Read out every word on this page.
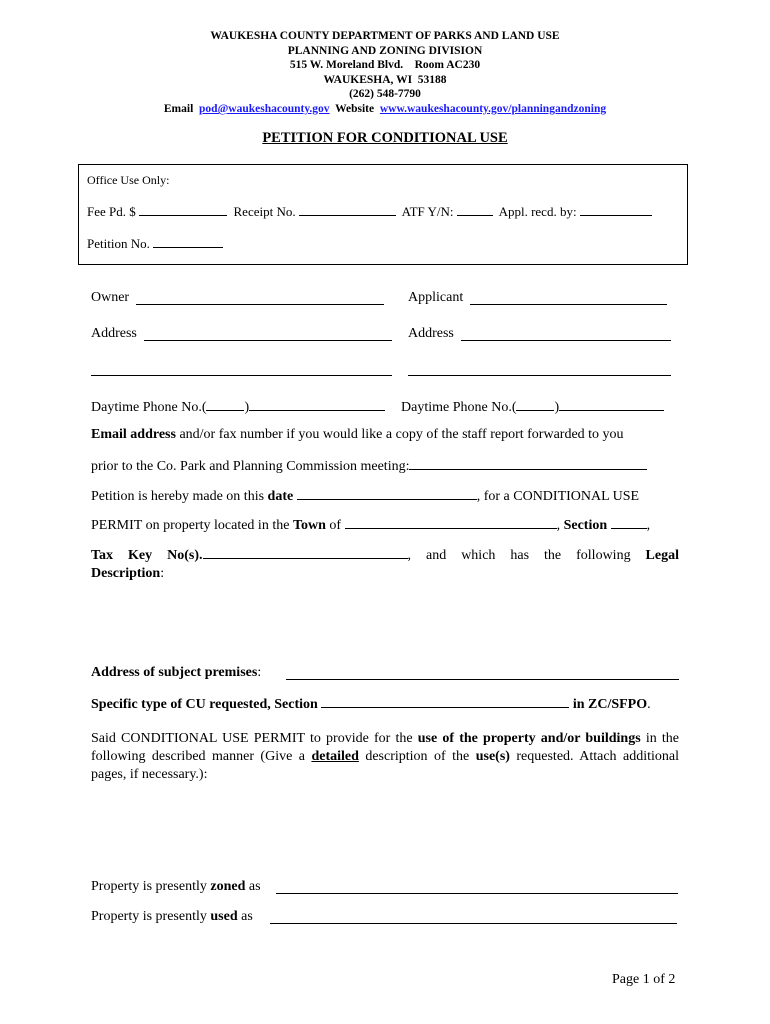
WAUKESHA COUNTY DEPARTMENT OF PARKS AND LAND USE
PLANNING AND ZONING DIVISION
515 W. Moreland Blvd.    Room AC230
WAUKESHA, WI  53188
(262) 548-7790
Email pod@waukeshacounty.gov Website www.waukeshacounty.gov/planningandzoning
PETITION FOR CONDITIONAL USE
Office Use Only:
Fee Pd. $	Receipt No.	ATF Y/N:	Appl. recd. by:
Petition No.
Owner	Applicant
Address	Address
Daytime Phone No.(	)	Daytime Phone No.(	)
Email address and/or fax number if you would like a copy of the staff report forwarded to you
prior to the Co. Park and Planning Commission meeting:
Petition is hereby made on this date	, for a CONDITIONAL USE
PERMIT on property located in the Town of	, Section	,
Tax Key No(s).	, and which has the following Legal
Description:
Address of subject premises:
Specific type of CU requested, Section	in ZC/SFPO.
Said CONDITIONAL USE PERMIT to provide for the use of the property and/or buildings in the following described manner (Give a detailed description of the use(s) requested. Attach additional pages, if necessary.):
Property is presently zoned as
Property is presently used as
Page 1 of 2
